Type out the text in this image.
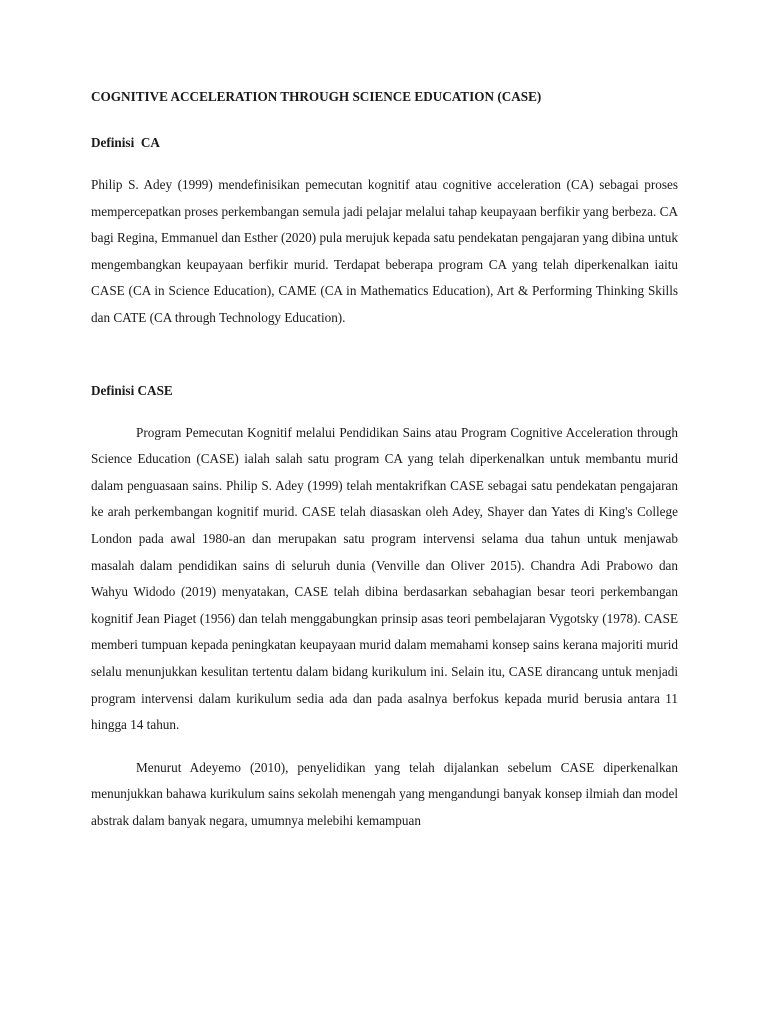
COGNITIVE ACCELERATION THROUGH SCIENCE EDUCATION (CASE)
Definisi  CA

Philip S. Adey (1999) mendefinisikan pemecutan kognitif atau cognitive acceleration (CA) sebagai proses mempercepatkan proses perkembangan semula jadi pelajar melalui tahap keupayaan berfikir yang berbeza. CA bagi Regina, Emmanuel dan Esther (2020) pula merujuk kepada satu pendekatan pengajaran yang dibina untuk mengembangkan keupayaan berfikir murid. Terdapat beberapa program CA yang telah diperkenalkan iaitu CASE (CA in Science Education), CAME (CA in Mathematics Education), Art & Performing Thinking Skills dan CATE (CA through Technology Education).

Definisi CASE

Program Pemecutan Kognitif melalui Pendidikan Sains atau Program Cognitive Acceleration through Science Education (CASE) ialah salah satu program CA yang telah diperkenalkan untuk membantu murid dalam penguasaan sains. Philip S. Adey (1999) telah mentakrifkan CASE sebagai satu pendekatan pengajaran ke arah perkembangan kognitif murid. CASE telah diasaskan oleh Adey, Shayer dan Yates di King's College London pada awal 1980-an dan merupakan satu program intervensi selama dua tahun untuk menjawab masalah dalam pendidikan sains di seluruh dunia (Venville dan Oliver 2015). Chandra Adi Prabowo dan Wahyu Widodo (2019) menyatakan, CASE telah dibina berdasarkan sebahagian besar teori perkembangan kognitif Jean Piaget (1956) dan telah menggabungkan prinsip asas teori pembelajaran Vygotsky (1978). CASE memberi tumpuan kepada peningkatan keupayaan murid dalam memahami konsep sains kerana majoriti murid selalu menunjukkan kesulitan tertentu dalam bidang kurikulum ini. Selain itu, CASE dirancang untuk menjadi program intervensi dalam kurikulum sedia ada dan pada asalnya berfokus kepada murid berusia antara 11 hingga 14 tahun.

Menurut Adeyemo (2010), penyelidikan yang telah dijalankan sebelum CASE diperkenalkan menunjukkan bahawa kurikulum sains sekolah menengah yang mengandungi banyak konsep ilmiah dan model abstrak dalam banyak negara, umumnya melebihi kemampuan
